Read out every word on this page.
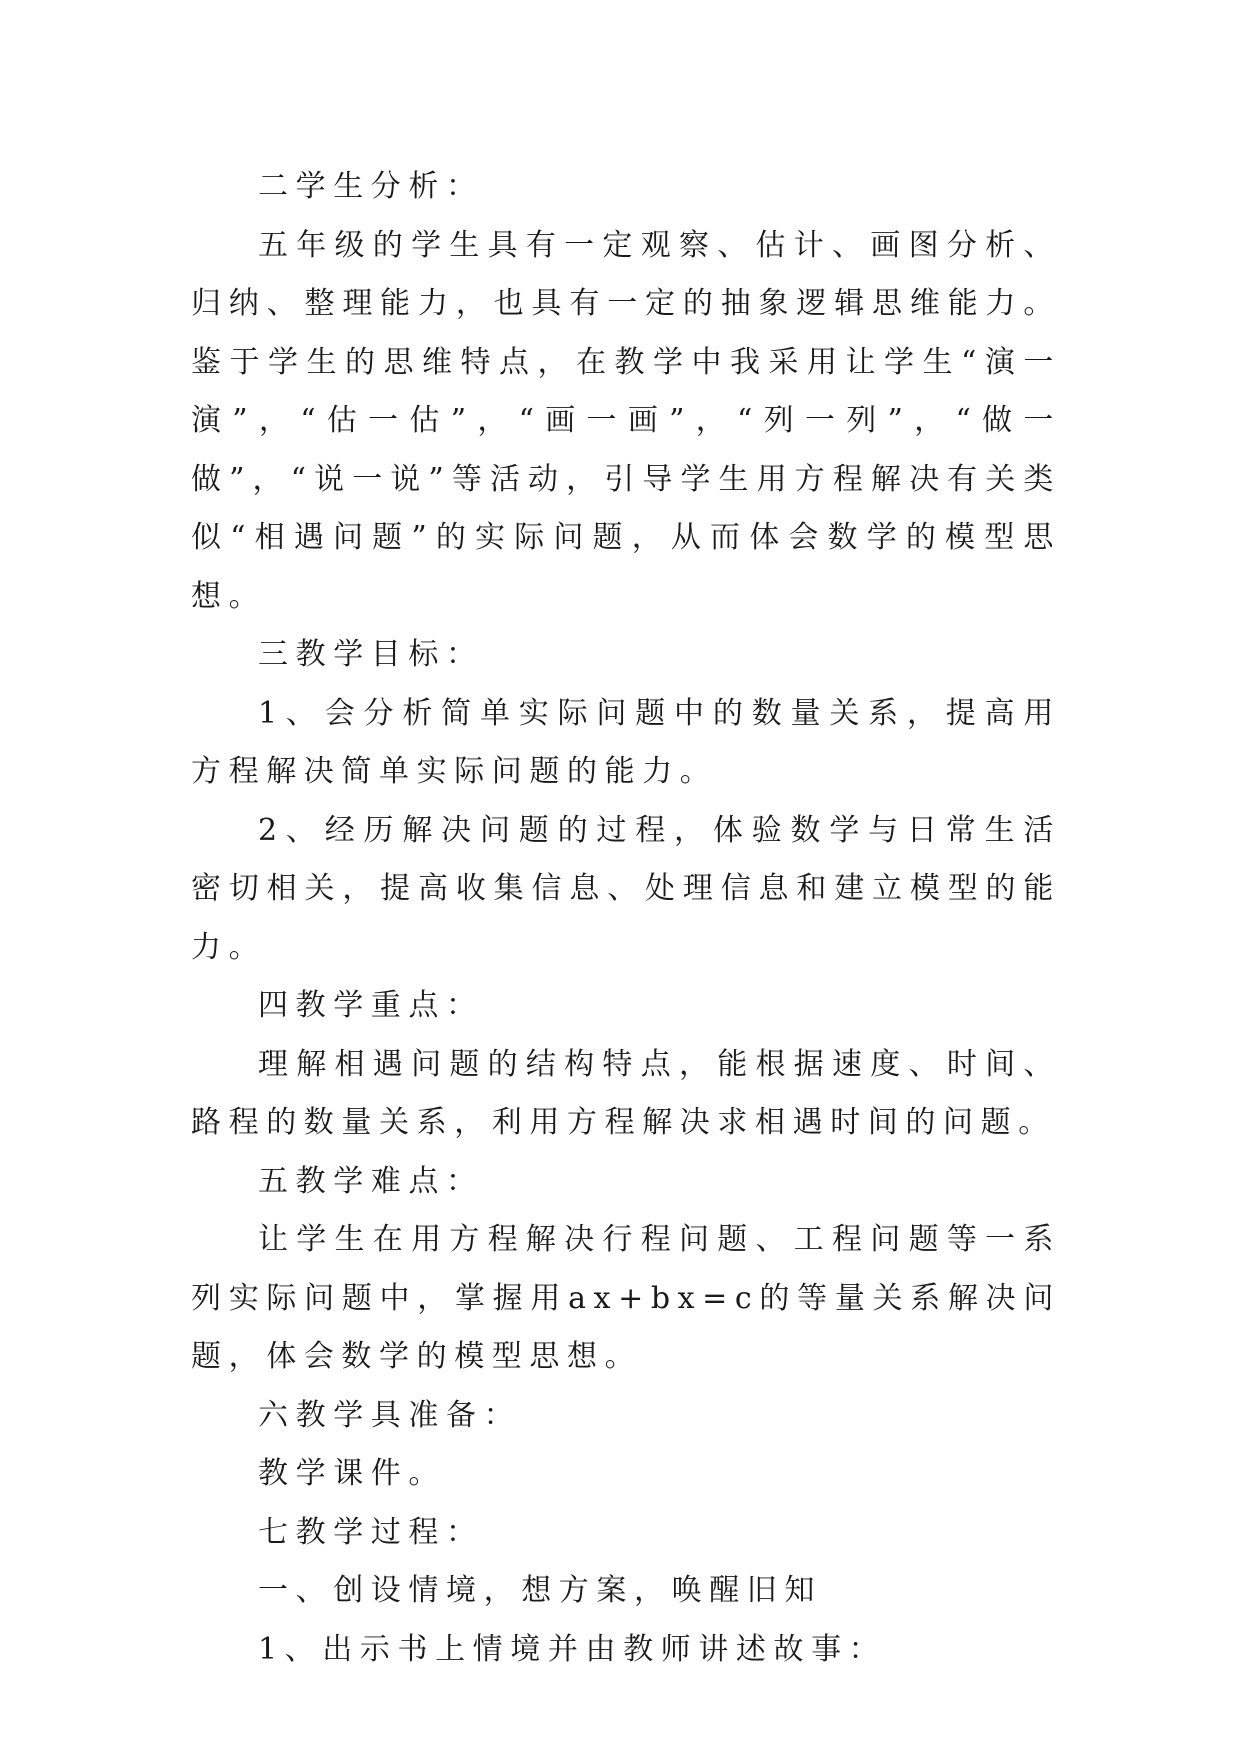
二学生分析：

五年级的学生具有一定观察、估计、画图分析、归纳、整理能力，也具有一定的抽象逻辑思维能力。鉴于学生的思维特点，在教学中我采用让学生“演一演”，“估一估”，“画一画”，“列一列”，“做一做”，“说一说”等活动，引导学生用方程解决有关类似“相遇问题”的实际问题，从而体会数学的模型思想。

三教学目标：

1、会分析简单实际问题中的数量关系，提高用方程解决简单实际问题的能力。

2、经历解决问题的过程，体验数学与日常生活密切相关，提高收集信息、处理信息和建立模型的能力。

四教学重点：

理解相遇问题的结构特点，能根据速度、时间、路程的数量关系，利用方程解决求相遇时间的问题。

五教学难点：

让学生在用方程解决行程问题、工程问题等一系列实际问题中，掌握用ax+bx=c的等量关系解决问题，体会数学的模型思想。

六教学具准备：

教学课件。

七教学过程：

一、创设情境，想方案，唤醒旧知

1、出示书上情境并由教师讲述故事：
